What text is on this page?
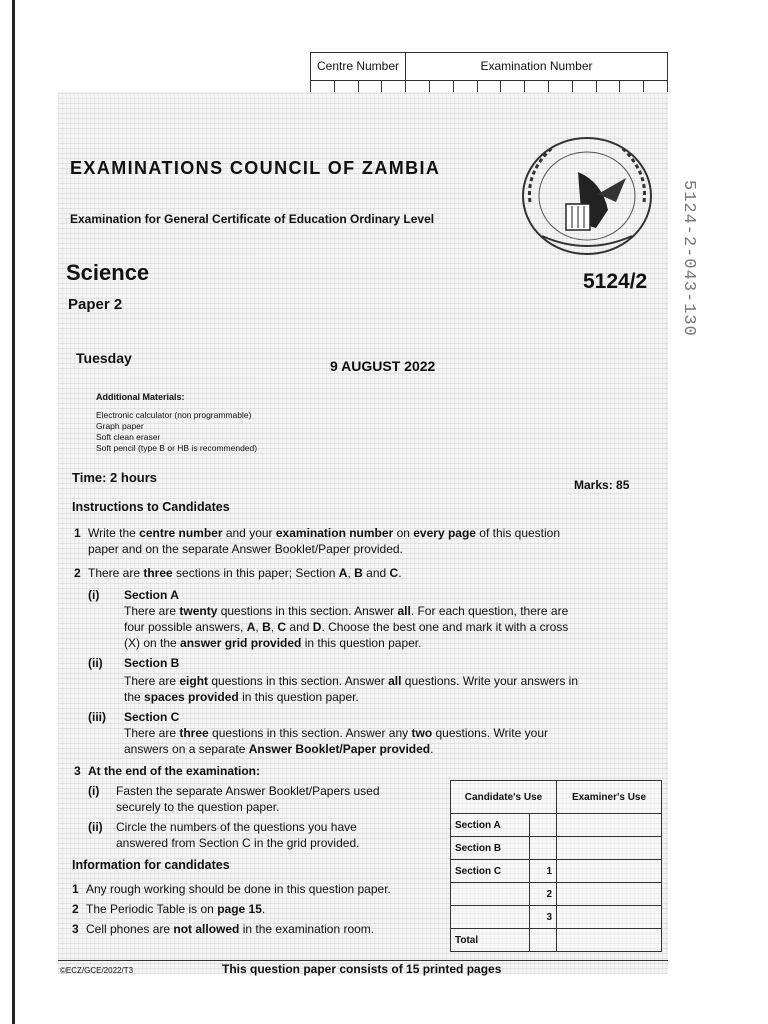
Centre Number	Examination Number
EXAMINATIONS COUNCIL OF ZAMBIA
Examination for General Certificate of Education Ordinary Level
Science
Paper 2
5124/2 5124-2-043-130
Tuesday	9 AUGUST 2022
Additional Materials:
Electronic calculator (non programmable)
Graph paper
Soft clean eraser
Soft pencil (type B or HB is recommended)
Time: 2 hours	Marks: 85
Instructions to Candidates
1 Write the centre number and your examination number on every page of this question
paper and on the separate Answer Booklet/Paper provided.
2 There are three sections in this paper; Section A, B and C.
(i) Section A
There are twenty questions in this section. Answer all. For each question, there are
four possible answers, A, B, C and D. Choose the best one and mark it with a cross
(X) on the answer grid provided in this question paper.
(ii) Section B
There are eight questions in this section. Answer all questions. Write your answers in
the spaces provided in this question paper.
(iii) Section C
There are three questions in this section. Answer any two questions. Write your
answers on a separate Answer Booklet/Paper provided.
3 At the end of the examination:
(i) Fasten the separate Answer Booklet/Papers used
securely to the question paper.
(ii) Circle the numbers of the questions you have
answered from Section C in the grid provided.
Information for candidates
1 Any rough working should be done in this question paper.
2 The Periodic Table is on page 15.
3 Cell phones are not allowed in the examination room.
Candidate's Use		Examiner's Use
Section A		
Section B		
Section C	1	
	2	
	3	
Total		
©ECZ/GCE/2022/T3	This question paper consists of 15 printed pages
